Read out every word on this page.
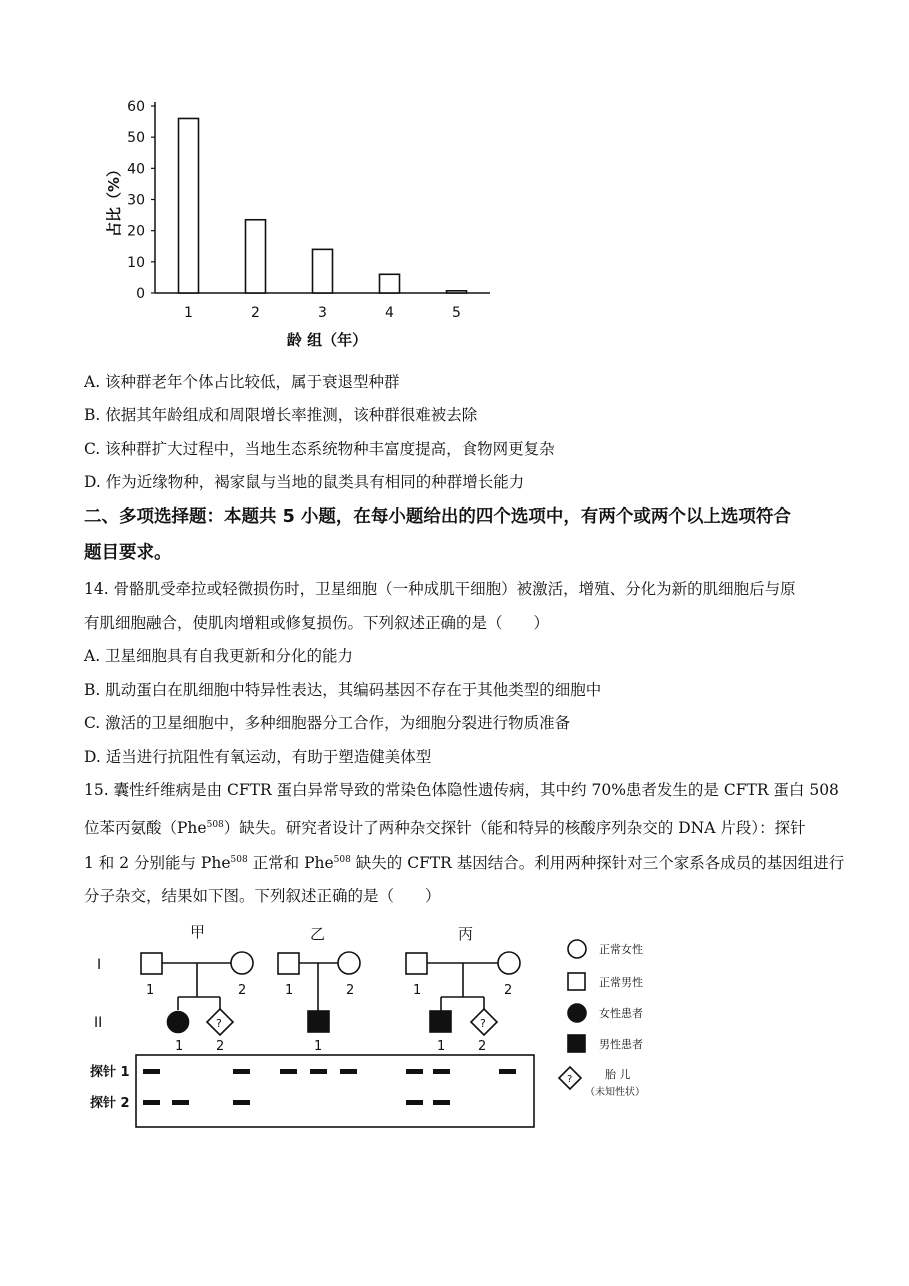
0
10
20
30
40
50
60
1	2	3	4	5
占比（%）
龄 组（年）
A. 该种群老年个体占比较低，属于衰退型种群
B. 依据其年龄组成和周限增长率推测，该种群很难被去除
C. 该种群扩大过程中，当地生态系统物种丰富度提高，食物网更复杂
D. 作为近缘物种，褐家鼠与当地的鼠类具有相同的种群增长能力
二、多项选择题：本题共 5 小题，在每小题给出的四个选项中，有两个或两个以上选项符合
题目要求。
14. 骨骼肌受牵拉或轻微损伤时，卫星细胞（一种成肌干细胞）被激活，增殖、分化为新的肌细胞后与原
有肌细胞融合，使肌肉增粗或修复损伤。下列叙述正确的是（　　）
A. 卫星细胞具有自我更新和分化的能力
B. 肌动蛋白在肌细胞中特异性表达，其编码基因不存在于其他类型的细胞中
C. 激活的卫星细胞中，多种细胞器分工合作，为细胞分裂进行物质准备
D. 适当进行抗阻性有氧运动，有助于塑造健美体型
15. 囊性纤维病是由 CFTR 蛋白异常导致的常染色体隐性遗传病，其中约 70%患者发生的是 CFTR 蛋白 508
位苯丙氨酸（Phe$^{508}$）缺失。研究者设计了两种杂交探针（能和特异的核酸序列杂交的 DNA 片段）：探针
1 和 2 分别能与 Phe$^{508}$ 正常和 Phe$^{508}$ 缺失的 CFTR 基因结合。利用两种探针对三个家系各成员的基因组进行
分子杂交，结果如下图。下列叙述正确的是（　　）
甲	乙	丙
I
II
1	2	1	2	1	2
1	2	1	1	2
?	?
?
探针 1
探针 2
正常女性
正常男性
女性患者
男性患者
胎 儿
（未知性状）
